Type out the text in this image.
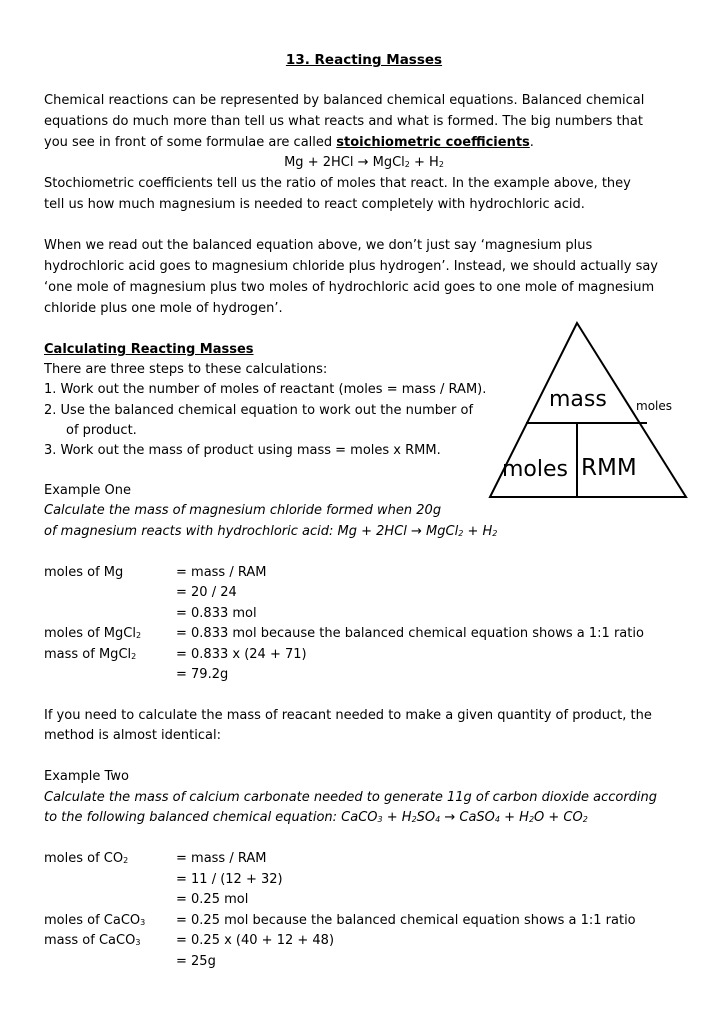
13. Reacting Masses
Chemical reactions can be represented by balanced chemical equations. Balanced chemical
equations do much more than tell us what reacts and what is formed. The big numbers that
you see in front of some formulae are called stoichiometric coefficients.
Mg + 2HCl → MgCl$_2$ + $H_2$
Stochiometric coefficients tell us the ratio of moles that react. In the example above, they
tell us how much magnesium is needed to react completely with hydrochloric acid.
When we read out the balanced equation above, we don’t just say ‘magnesium plus
hydrochloric acid goes to magnesium chloride plus hydrogen’. Instead, we should actually say
‘one mole of magnesium plus two moles of hydrochloric acid goes to one mole of magnesium
chloride plus one mole of hydrogen’.
Calculating Reacting Masses
There are three steps to these calculations:
1. Work out the number of moles of reactant (moles = mass / RAM).
2. Use the balanced chemical equation to work out the number of
of product.
3. Work out the mass of product using mass = moles x RMM.
mass
moles RMM
moles
Example One
Calculate the mass of magnesium chloride formed when 20g
of magnesium reacts with hydrochloric acid: Mg + 2HCl → MgCl$_2$ + $H_2$
moles of Mg	= mass / RAM
= 20 / 24
= 0.833 mol
moles of MgCl$_2$	= 0.833 mol because the balanced chemical equation shows a 1:1 ratio
mass of MgCl$_2$	= 0.833 x (24 + 71)
= 79.2g
If you need to calculate the mass of reacant needed to make a given quantity of product, the
method is almost identical:
Example Two
Calculate the mass of calcium carbonate needed to generate 11g of carbon dioxide according
to the following balanced chemical equation: CaCO$_3$ + $H_2SO_4$ → CaSO$_4$ + $H_2O + CO_2$
moles of $CO_2$	= mass / RAM
= 11 / (12 + 32)
= 0.25 mol
moles of CaCO$_3$ = 0.25 mol because the balanced chemical equation shows a 1:1 ratio
mass of CaCO$_3$	= 0.25 x (40 + 12 + 48)
= 25g
